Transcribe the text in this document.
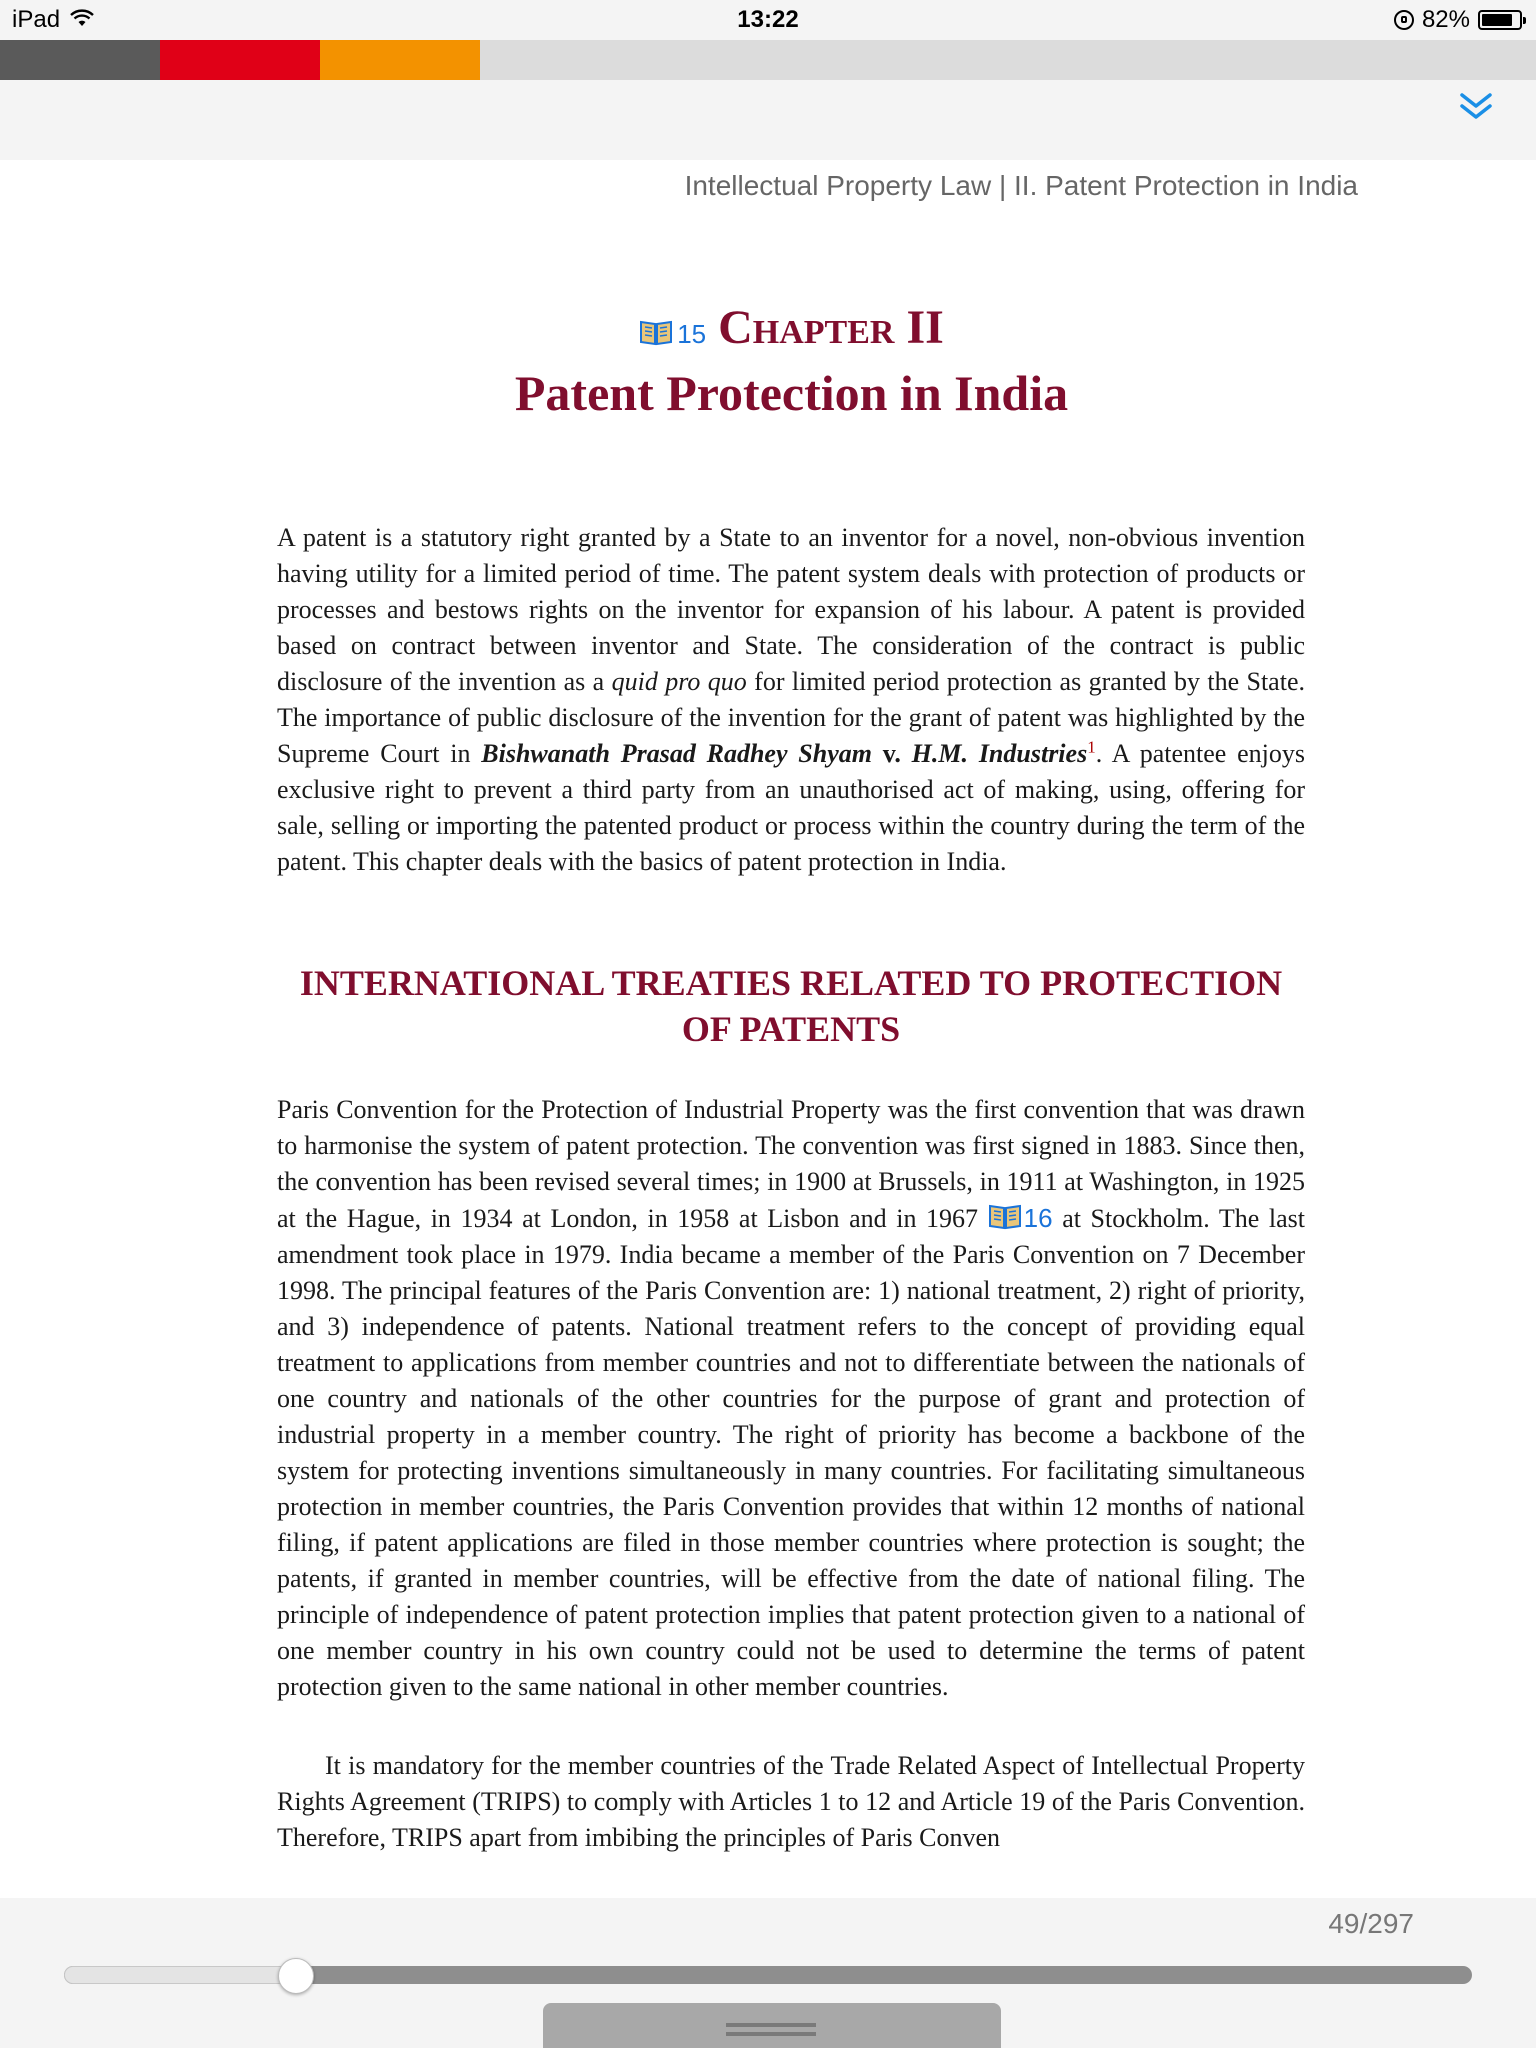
iPad	13:22	82%
Intellectual Property Law | II. Patent Protection in India
15 Chapter II
Patent Protection in India
A patent is a statutory right granted by a State to an inventor for a novel, non-obvious invention having utility for a limited period of time. The patent system deals with protection of products or processes and bestows rights on the inventor for expansion of his labour. A patent is provided based on contract between inventor and State. The consideration of the contract is public disclosure of the invention as a quid pro quo for limited period protection as granted by the State. The importance of public disclosure of the invention for the grant of patent was highlighted by the Supreme Court in Bishwanath Prasad Radhey Shyam v. H.M. Industries$^1$. A patentee enjoys exclusive right to prevent a third party from an unauthorised act of making, using, offering for sale, selling or importing the patented product or process within the country during the term of the patent. This chapter deals with the basics of patent protection in India.
INTERNATIONAL TREATIES RELATED TO PROTECTION OF PATENTS
Paris Convention for the Protection of Industrial Property was the first convention that was drawn to harmonise the system of patent protection. The convention was first signed in 1883. Since then, the convention has been revised several times; in 1900 at Brussels, in 1911 at Washington, in 1925 at the Hague, in 1934 at London, in 1958 at Lisbon and in 1967
16 at Stockholm. The last amendment took place in 1979. India became a member of the Paris Convention on 7 December 1998. The principal features of the Paris Convention are: 1) national treatment, 2) right of priority, and 3) independence of patents. National treatment refers to the concept of providing equal treatment to applications from member countries and not to differentiate between the nationals of one country and nationals of the other countries for the purpose of grant and protection of industrial property in a member country. The right of priority has become a backbone of the system for protecting inventions simultaneously in many countries. For facilitating simultaneous protection in member countries, the Paris Convention provides that within 12 months of national filing, if patent applications are filed in those member countries where protection is sought; the patents, if granted in member countries, will be effective from the date of national filing. The principle of independence of patent protection implies that patent protection given to a national of one member country in his own country could not be used to determine the terms of patent protection given to the same national in other member countries.
It is mandatory for the member countries of the Trade Related Aspect of Intellectual Property Rights Agreement (TRIPS) to comply with Articles 1 to 12 and Article 19 of the Paris Convention. Therefore, TRIPS apart from imbibing the principles of Paris Conven
49/297
